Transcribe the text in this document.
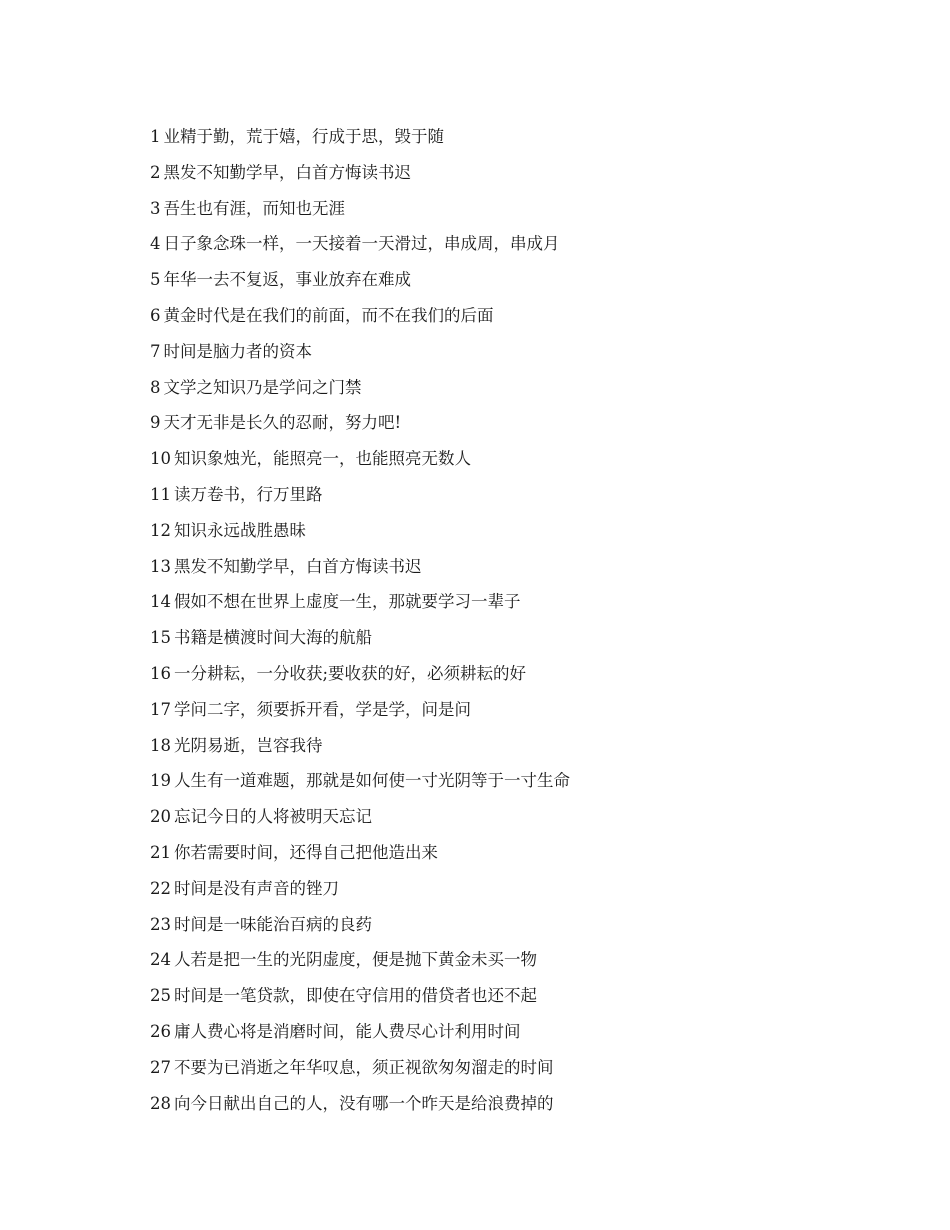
1 业精于勤，荒于嬉，行成于思，毁于随
2 黑发不知勤学早，白首方悔读书迟
3 吾生也有涯，而知也无涯
4 日子象念珠一样，一天接着一天滑过，串成周，串成月
5 年华一去不复返，事业放弃在难成
6 黄金时代是在我们的前面，而不在我们的后面
7 时间是脑力者的资本
8 文学之知识乃是学问之门禁
9 天才无非是长久的忍耐，努力吧!
10 知识象烛光，能照亮一，也能照亮无数人
11 读万卷书，行万里路
12 知识永远战胜愚昧
13 黑发不知勤学早，白首方悔读书迟
14 假如不想在世界上虚度一生，那就要学习一辈子
15 书籍是横渡时间大海的航船
16 一分耕耘，一分收获;要收获的好，必须耕耘的好
17 学问二字，须要拆开看，学是学，问是问
18 光阴易逝，岂容我待
19 人生有一道难题，那就是如何使一寸光阴等于一寸生命
20 忘记今日的人将被明天忘记
21 你若需要时间，还得自己把他造出来
22 时间是没有声音的锉刀
23 时间是一味能治百病的良药
24 人若是把一生的光阴虚度，便是抛下黄金未买一物
25 时间是一笔贷款，即使在守信用的借贷者也还不起
26 庸人费心将是消磨时间，能人费尽心计利用时间
27 不要为已消逝之年华叹息，须正视欲匆匆溜走的时间
28 向今日献出自己的人，没有哪一个昨天是给浪费掉的
